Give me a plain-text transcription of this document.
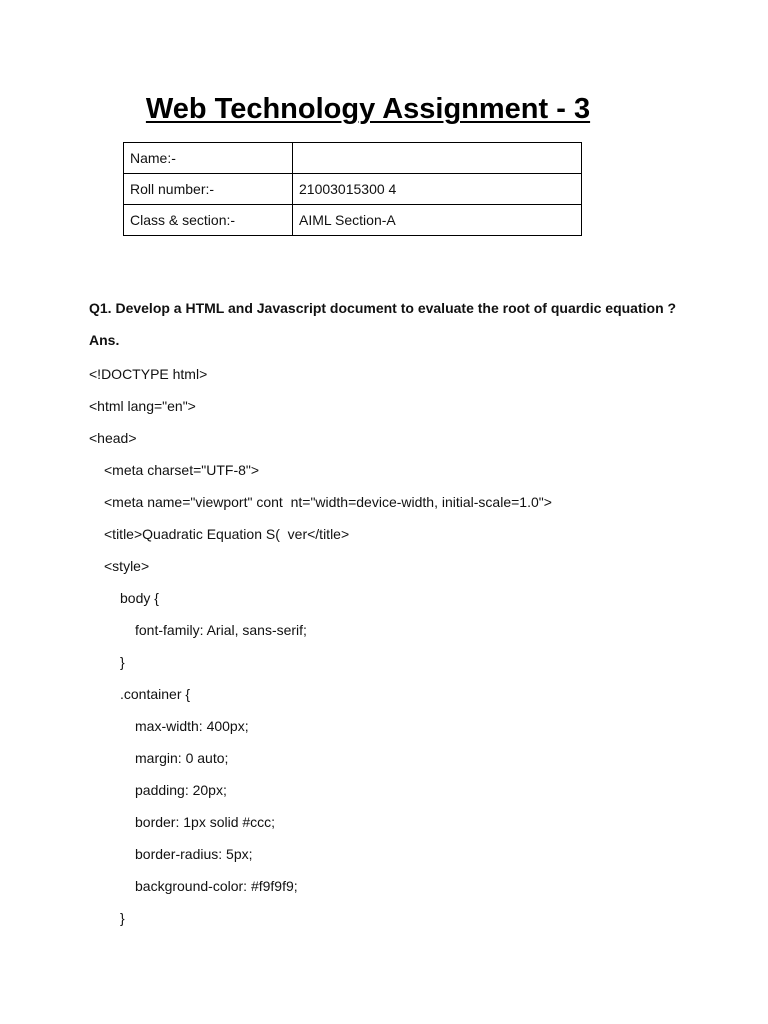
Web Technology Assignment - 3
Name:-	
Roll number:-	21003015300 4
Class & section:-	AIML Section-A
Q1. Develop a HTML and Javascript document to evaluate the root of quardic equation ?
Ans.
<!DOCTYPE html>
<html lang="en">
<head>
<meta charset="UTF-8">
<meta name="viewport" cont  nt="width=device-width, initial-scale=1.0">
<title>Quadratic Equation S(  ver</title>
<style>
body {
font-family: Arial, sans-serif;
}
.container {
max-width: 400px;
margin: 0 auto;
padding: 20px;
border: 1px solid #ccc;
border-radius: 5px;
background-color: #f9f9f9;
}
